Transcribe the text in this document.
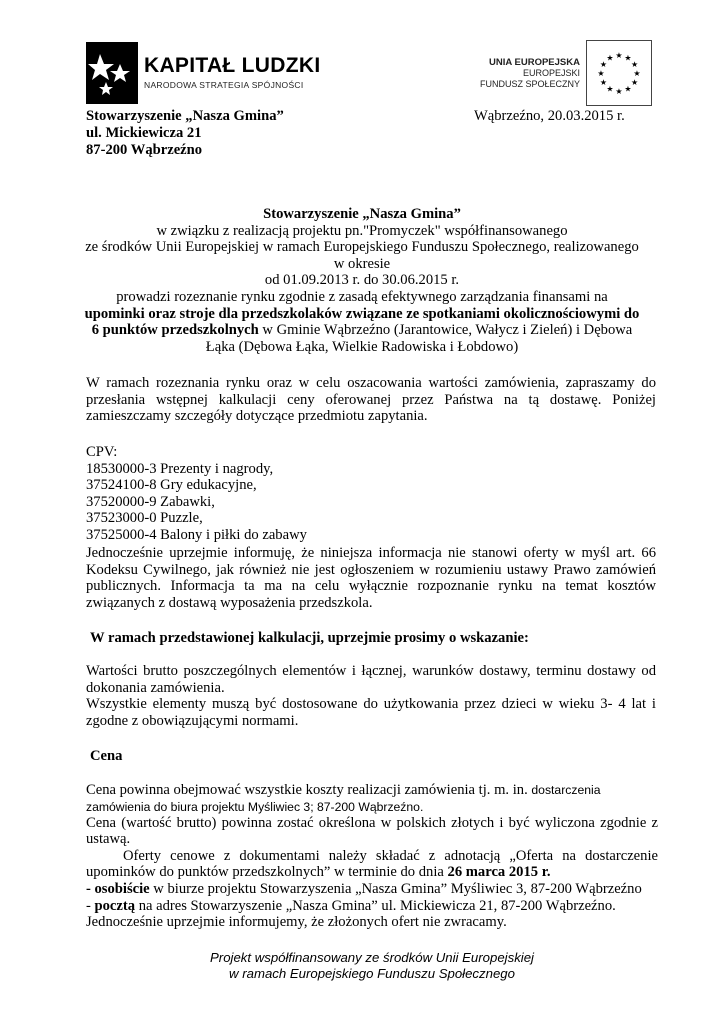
KAPITAŁ LUDZKI
NARODOWA STRATEGIA SPÓJNOŚCI
UNIA EUROPEJSKA
EUROPEJSKI
FUNDUSZ SPOŁECZNY
★
★
★
★
★
★
★
★
★ ★ ★
★
Stowarzyszenie „Nasza Gmina”
ul. Mickiewicza 21
87-200 Wąbrzeźno
Wąbrzeźno, 20.03.2015 r.
Stowarzyszenie „Nasza Gmina”
w związku z realizacją projektu pn."Promyczek" współfinansowanego
ze środków Unii Europejskiej w ramach Europejskiego Funduszu Społecznego, realizowanego
w okresie
od 01.09.2013 r. do 30.06.2015 r.
prowadzi rozeznanie rynku zgodnie z zasadą efektywnego zarządzania finansami na
upominki oraz stroje dla przedszkolaków związane ze spotkaniami okolicznościowymi do
6 punktów przedszkolnych w Gminie Wąbrzeźno (Jarantowice, Wałycz i Zieleń) i Dębowa
Łąka (Dębowa Łąka, Wielkie Radowiska i Łobdowo)
W ramach rozeznania rynku oraz w celu oszacowania wartości zamówienia, zapraszamy do przesłania wstępnej kalkulacji ceny oferowanej przez Państwa na tą dostawę. Poniżej zamieszczamy szczegóły dotyczące przedmiotu zapytania.
CPV:
18530000-3 Prezenty i nagrody,
37524100-8 Gry edukacyjne,
37520000-9 Zabawki,
37523000-0 Puzzle,
37525000-4 Balony i piłki do zabawy
Jednocześnie uprzejmie informuję, że niniejsza informacja nie stanowi oferty w myśl art. 66 Kodeksu Cywilnego, jak również nie jest ogłoszeniem w rozumieniu ustawy Prawo zamówień publicznych. Informacja ta ma na celu wyłącznie rozpoznanie rynku na temat kosztów związanych z dostawą wyposażenia przedszkola.
W ramach przedstawionej kalkulacji, uprzejmie prosimy o wskazanie:
Wartości brutto poszczególnych elementów i łącznej, warunków dostawy, terminu dostawy od dokonania zamówienia.
Wszystkie elementy muszą być dostosowane do użytkowania przez dzieci w wieku 3- 4 lat i zgodne z obowiązującymi normami.
Cena
Cena powinna obejmować wszystkie koszty realizacji zamówienia tj. m. in. dostarczenia
zamówienia do biura projektu Myśliwiec 3; 87-200 Wąbrzeźno.
Cena (wartość brutto) powinna zostać określona w polskich złotych i być wyliczona zgodnie z ustawą.
Oferty cenowe z dokumentami należy składać z adnotacją „Oferta na dostarczenie upominków do punktów przedszkolnych” w terminie do dnia 26 marca 2015 r.
- osobiście w biurze projektu Stowarzyszenia „Nasza Gmina” Myśliwiec 3, 87-200 Wąbrzeźno
- pocztą na adres Stowarzyszenie „Nasza Gmina” ul. Mickiewicza 21, 87-200 Wąbrzeźno.
Jednocześnie uprzejmie informujemy, że złożonych ofert nie zwracamy.
Projekt współfinansowany ze środków Unii Europejskiej
w ramach Europejskiego Funduszu Społecznego
